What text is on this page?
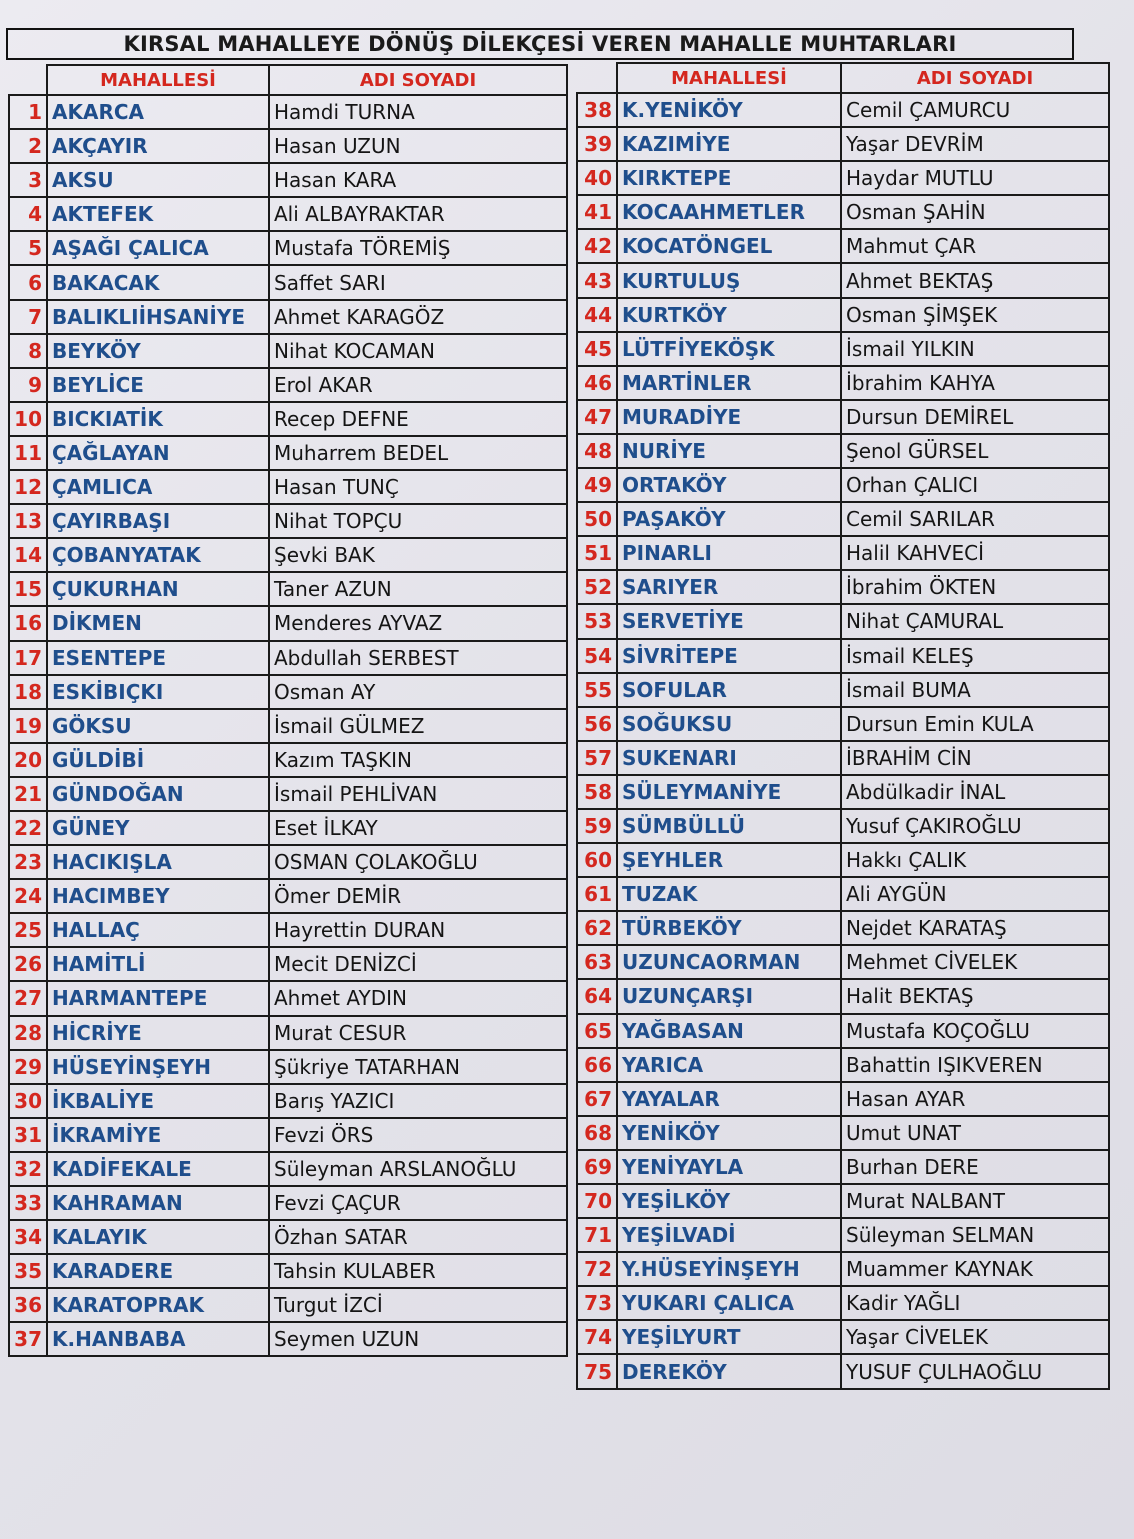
KIRSAL MAHALLEYE DÖNÜŞ DİLEKÇESİ VEREN MAHALLE MUHTARLARI
	MAHALLESİ	ADI SOYADI
1	AKARCA	Hamdi TURNA
2	AKÇAYIR	Hasan UZUN
3	AKSU	Hasan KARA
4	AKTEFEK	Ali ALBAYRAKTAR
5	AŞAĞI ÇALICA	Mustafa TÖREMİŞ
6	BAKACAK	Saffet SARI
7	BALIKLIİHSANİYE	Ahmet KARAGÖZ
8	BEYKÖY	Nihat KOCAMAN
9	BEYLİCE	Erol AKAR
10	BICKIATİK	Recep DEFNE
11	ÇAĞLAYAN	Muharrem BEDEL
12	ÇAMLICA	Hasan TUNÇ
13	ÇAYIRBAŞI	Nihat TOPÇU
14	ÇOBANYATAK	Şevki BAK
15	ÇUKURHAN	Taner AZUN
16	DİKMEN	Menderes AYVAZ
17	ESENTEPE	Abdullah SERBEST
18	ESKİBIÇKI	Osman AY
19	GÖKSU	İsmail GÜLMEZ
20	GÜLDİBİ	Kazım TAŞKIN
21	GÜNDOĞAN	İsmail PEHLİVAN
22	GÜNEY	Eset İLKAY
23	HACIKIŞLA	OSMAN ÇOLAKOĞLU
24	HACIMBEY	Ömer DEMİR
25	HALLAÇ	Hayrettin DURAN
26	HAMİTLİ	Mecit DENİZCİ
27	HARMANTEPE	Ahmet AYDIN
28	HİCRİYE	Murat CESUR
29	HÜSEYİNŞEYH	Şükriye TATARHAN
30	İKBALİYE	Barış YAZICI
31	İKRAMİYE	Fevzi ÖRS
32	KADİFEKALE	Süleyman ARSLANOĞLU
33	KAHRAMAN	Fevzi ÇAÇUR
34	KALAYIK	Özhan SATAR
35	KARADERE	Tahsin KULABER
36	KARATOPRAK	Turgut İZCİ
37	K.HANBABA	Seymen UZUN
	MAHALLESİ	ADI SOYADI
38	K.YENİKÖY	Cemil ÇAMURCU
39	KAZIMİYE	Yaşar DEVRİM
40	KIRKTEPE	Haydar MUTLU
41	KOCAAHMETLER	Osman ŞAHİN
42	KOCATÖNGEL	Mahmut ÇAR
43	KURTULUŞ	Ahmet BEKTAŞ
44	KURTKÖY	Osman ŞİMŞEK
45	LÜTFİYEKÖŞK	İsmail YILKIN
46	MARTİNLER	İbrahim KAHYA
47	MURADİYE	Dursun DEMİREL
48	NURİYE	Şenol GÜRSEL
49	ORTAKÖY	Orhan ÇALICI
50	PAŞAKÖY	Cemil SARILAR
51	PINARLI	Halil KAHVECİ
52	SARIYER	İbrahim ÖKTEN
53	SERVETİYE	Nihat ÇAMURAL
54	SİVRİTEPE	İsmail KELEŞ
55	SOFULAR	İsmail BUMA
56	SOĞUKSU	Dursun Emin KULA
57	SUKENARI	İBRAHİM CİN
58	SÜLEYMANİYE	Abdülkadir İNAL
59	SÜMBÜLLÜ	Yusuf ÇAKIROĞLU
60	ŞEYHLER	Hakkı ÇALIK
61	TUZAK	Ali AYGÜN
62	TÜRBEKÖY	Nejdet KARATAŞ
63	UZUNCAORMAN	Mehmet CİVELEK
64	UZUNÇARŞI	Halit BEKTAŞ
65	YAĞBASAN	Mustafa KOÇOĞLU
66	YARICA	Bahattin IŞIKVEREN
67	YAYALAR	Hasan AYAR
68	YENİKÖY	Umut UNAT
69	YENİYAYLA	Burhan DERE
70	YEŞİLKÖY	Murat NALBANT
71	YEŞİLVADİ	Süleyman SELMAN
72	Y.HÜSEYİNŞEYH	Muammer KAYNAK
73	YUKARI ÇALICA	Kadir YAĞLI
74	YEŞİLYURT	Yaşar CİVELEK
75	DEREKÖY	YUSUF ÇULHAOĞLU
